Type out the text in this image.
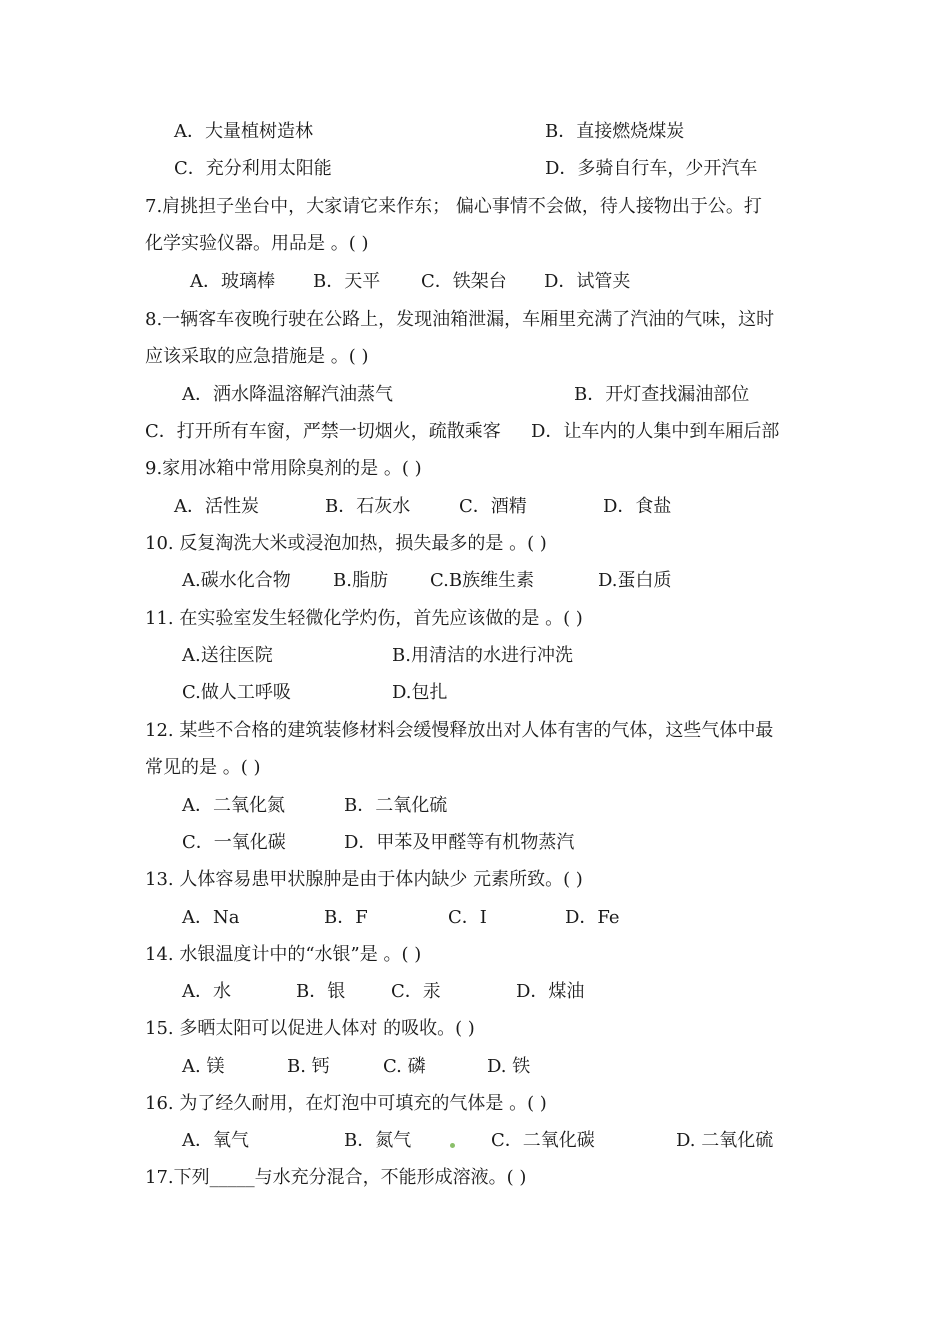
A．大量植树造林	B．直接燃烧煤炭
C．充分利用太阳能	D．多骑自行车，少开汽车
7.肩挑担子坐台中，大家请它来作东； 偏心事情不会做，待人接物出于公。打
化学实验仪器。用品是 。( )
A．玻璃棒 B．天平 C．铁架台 D．试管夹
8.一辆客车夜晚行驶在公路上，发现油箱泄漏，车厢里充满了汽油的气味，这时
应该采取的应急措施是 。( )
A．洒水降温溶解汽油蒸气	B．开灯查找漏油部位
C．打开所有车窗，严禁一切烟火，疏散乘客 D．让车内的人集中到车厢后部
9.家用冰箱中常用除臭剂的是 。( )
A．活性炭	B．石灰水	C．酒精	D．食盐
10. 反复淘洗大米或浸泡加热，损失最多的是 。( )
A.碳水化合物 B.脂肪 C.B族维生素	D.蛋白质
11. 在实验室发生轻微化学灼伤，首先应该做的是 。( )
A.送往医院	B.用清洁的水进行冲洗
C.做人工呼吸	D.包扎
12. 某些不合格的建筑装修材料会缓慢释放出对人体有害的气体，这些气体中最
常见的是 。( )
A．二氧化氮	B．二氧化硫
C．一氧化碳	D．甲苯及甲醛等有机物蒸汽
13. 人体容易患甲状腺肿是由于体内缺少 元素所致。( )
A．Na	B．F	C．I	D．Fe
14. 水银温度计中的“水银”是 。( )
A．水	B．银	C．汞	D．煤油
15. 多晒太阳可以促进人体对 的吸收。( )
A. 镁	B. 钙	C. 磷	D. 铁
16. 为了经久耐用，在灯泡中可填充的气体是 。( )
A．氧气	B．氮气	C．二氧化碳	D. 二氧化硫
17.下列_____与水充分混合，不能形成溶液。( )
